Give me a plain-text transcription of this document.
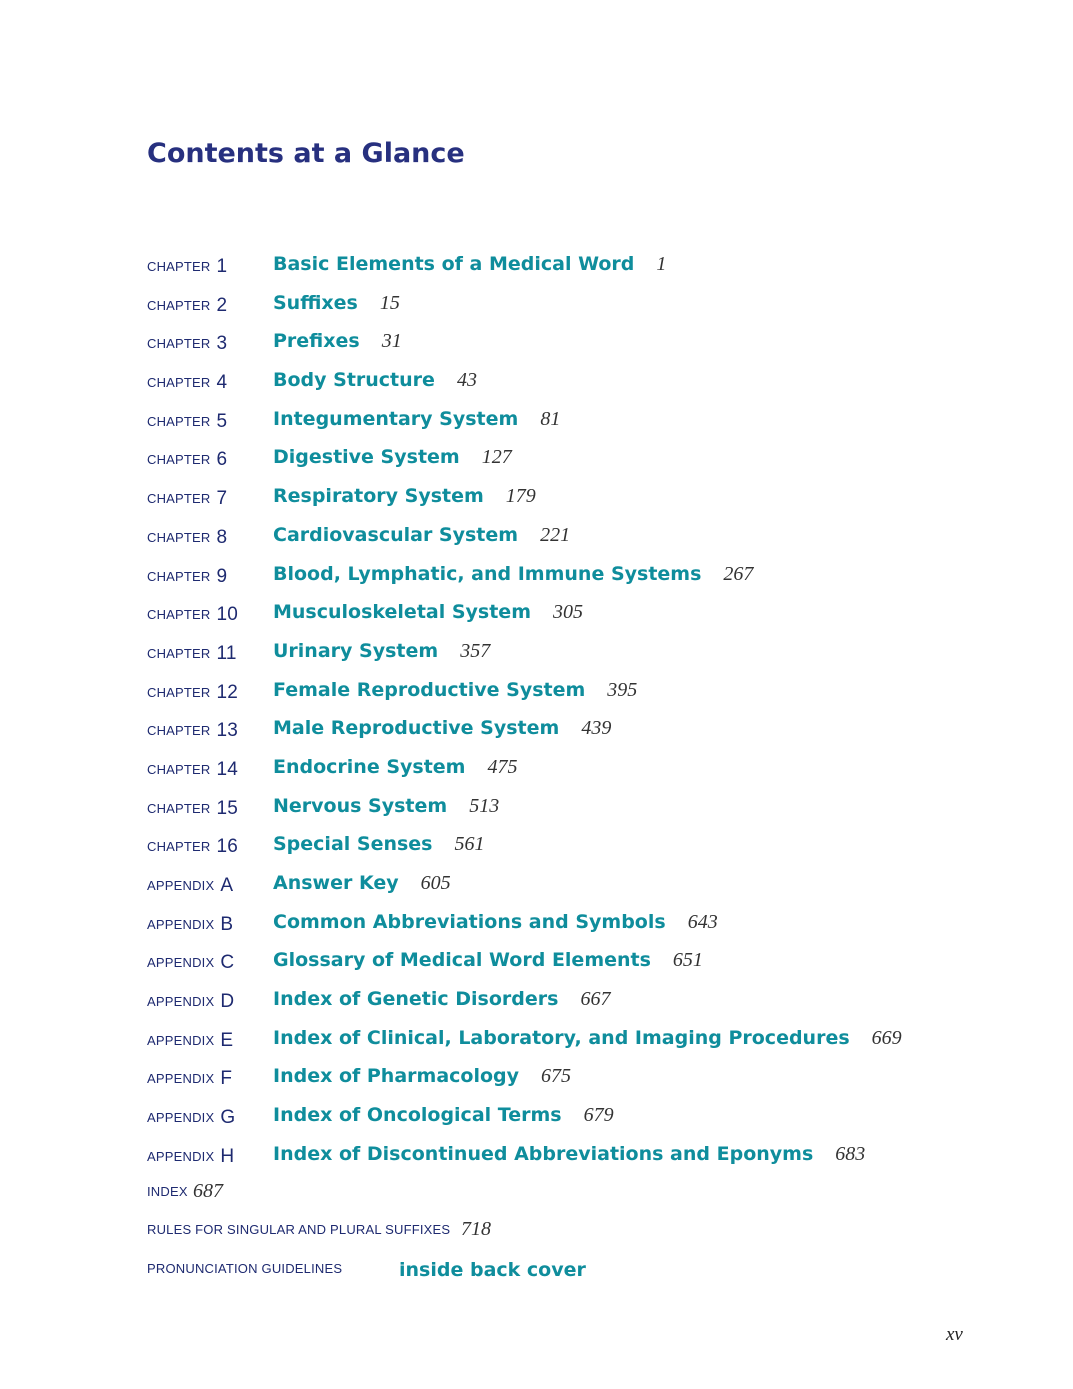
Contents at a Glance
CHAPTER 1 Basic Elements of a Medical Word 1
CHAPTER 2 Suffixes 15
CHAPTER 3 Prefixes 31
CHAPTER 4 Body Structure 43
CHAPTER 5 Integumentary System 81
CHAPTER 6 Digestive System 127
CHAPTER 7 Respiratory System 179
CHAPTER 8 Cardiovascular System 221
CHAPTER 9 Blood, Lymphatic, and Immune Systems 267
CHAPTER 10 Musculoskeletal System 305
CHAPTER 11 Urinary System 357
CHAPTER 12 Female Reproductive System 395
CHAPTER 13 Male Reproductive System 439
CHAPTER 14 Endocrine System 475
CHAPTER 15 Nervous System 513
CHAPTER 16 Special Senses 561
APPENDIX A Answer Key 605
APPENDIX B Common Abbreviations and Symbols 643
APPENDIX C Glossary of Medical Word Elements 651
APPENDIX D Index of Genetic Disorders 667
APPENDIX E Index of Clinical, Laboratory, and Imaging Procedures 669
APPENDIX F Index of Pharmacology 675
APPENDIX G Index of Oncological Terms 679
APPENDIX H Index of Discontinued Abbreviations and Eponyms 683
INDEX 687
RULES FOR SINGULAR AND PLURAL SUFFIXES 718
PRONUNCIATION GUIDELINES	inside back cover
xv
